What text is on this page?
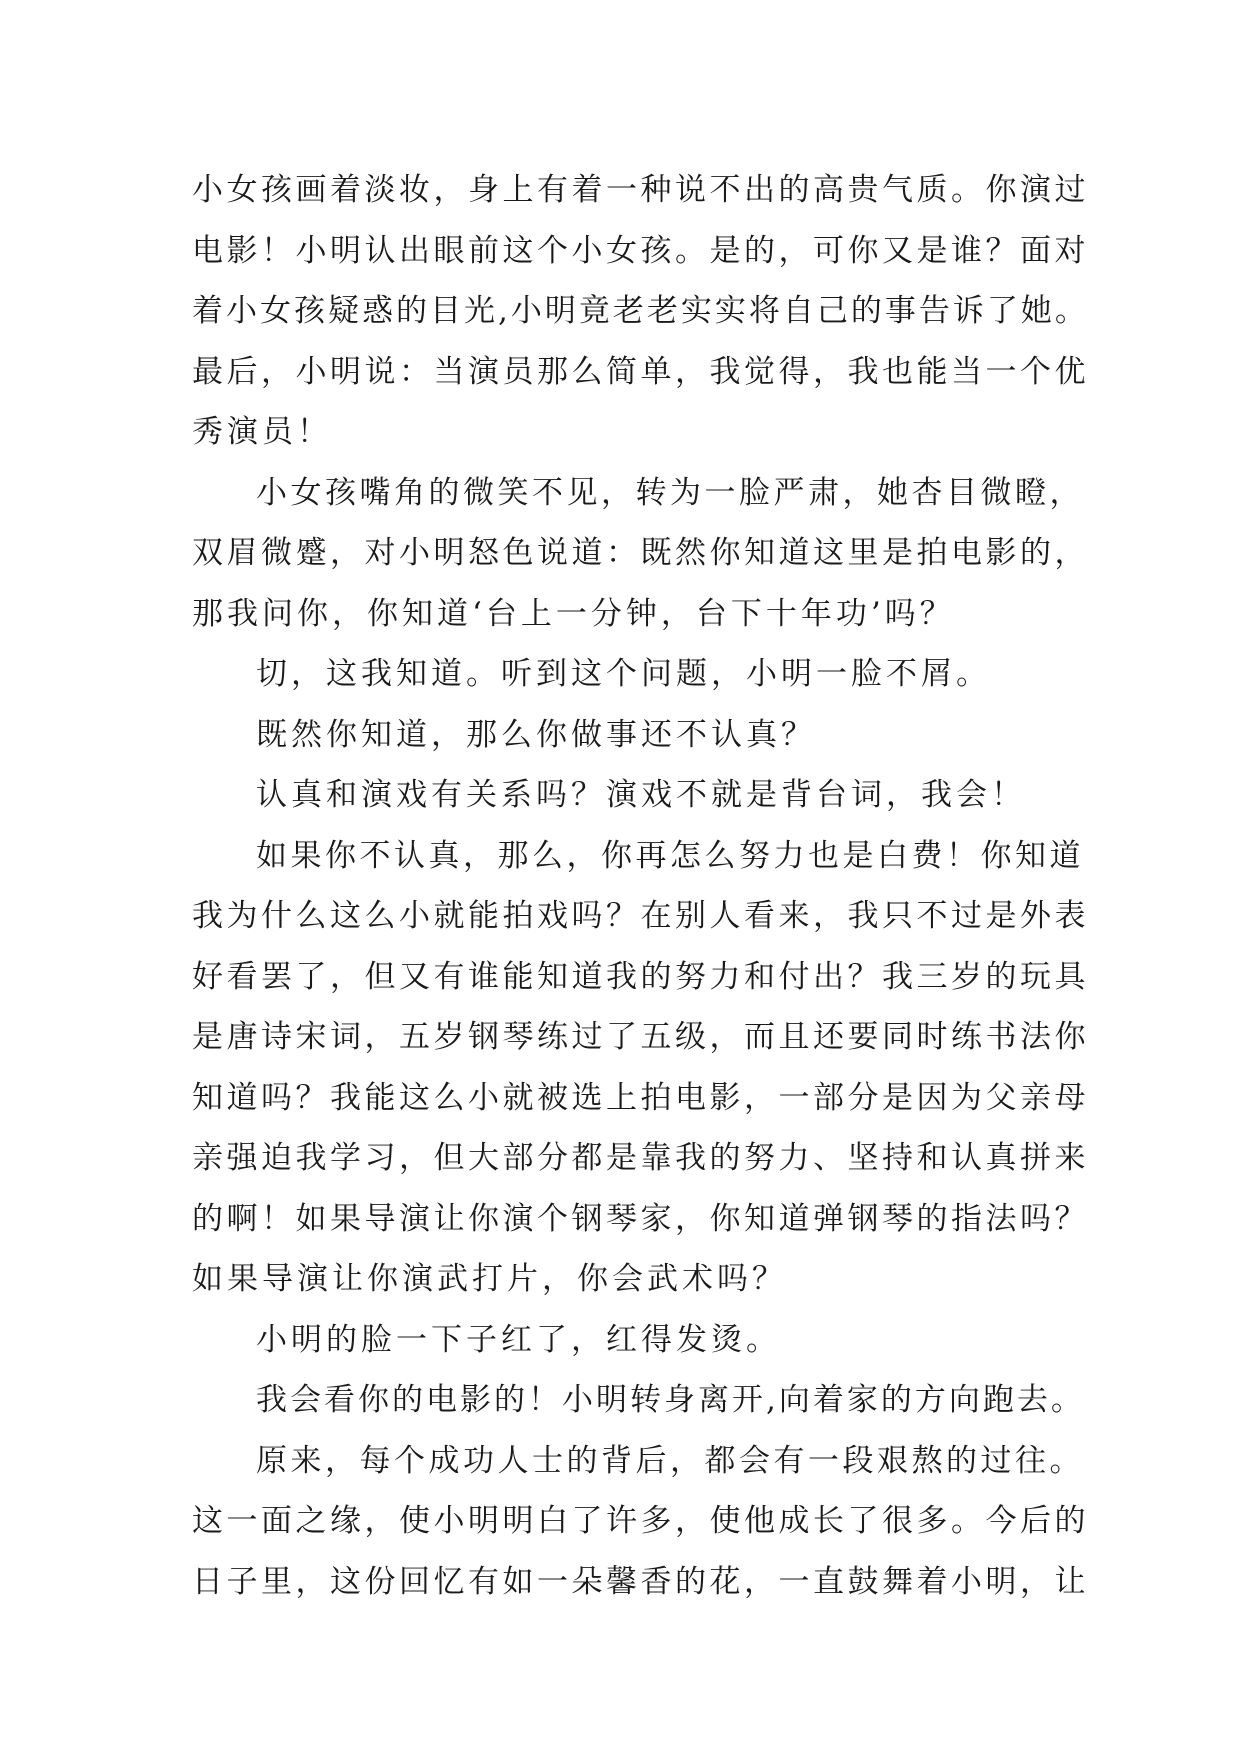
小女孩画着淡妆，身上有着一种说不出的高贵气质。你演过
电影！小明认出眼前这个小女孩。是的，可你又是谁？面对
着小女孩疑惑的目光,小明竟老老实实将自己的事告诉了她。
最后，小明说：当演员那么简单，我觉得，我也能当一个优
秀演员！
小女孩嘴角的微笑不见，转为一脸严肃，她杏目微瞪，
双眉微蹙，对小明怒色说道：既然你知道这里是拍电影的，
那我问你，你知道‘台上一分钟，台下十年功’吗？
切，这我知道。听到这个问题，小明一脸不屑。
既然你知道，那么你做事还不认真？
认真和演戏有关系吗？演戏不就是背台词，我会！
如果你不认真，那么，你再怎么努力也是白费！你知道
我为什么这么小就能拍戏吗？在别人看来，我只不过是外表
好看罢了，但又有谁能知道我的努力和付出？我三岁的玩具
是唐诗宋词，五岁钢琴练过了五级，而且还要同时练书法你
知道吗？我能这么小就被选上拍电影，一部分是因为父亲母
亲强迫我学习，但大部分都是靠我的努力、坚持和认真拼来
的啊！如果导演让你演个钢琴家，你知道弹钢琴的指法吗？
如果导演让你演武打片，你会武术吗？
小明的脸一下子红了，红得发烫。
我会看你的电影的！小明转身离开,向着家的方向跑去。
原来，每个成功人士的背后，都会有一段艰熬的过往。
这一面之缘，使小明明白了许多，使他成长了很多。今后的
日子里，这份回忆有如一朵馨香的花，一直鼓舞着小明，让
